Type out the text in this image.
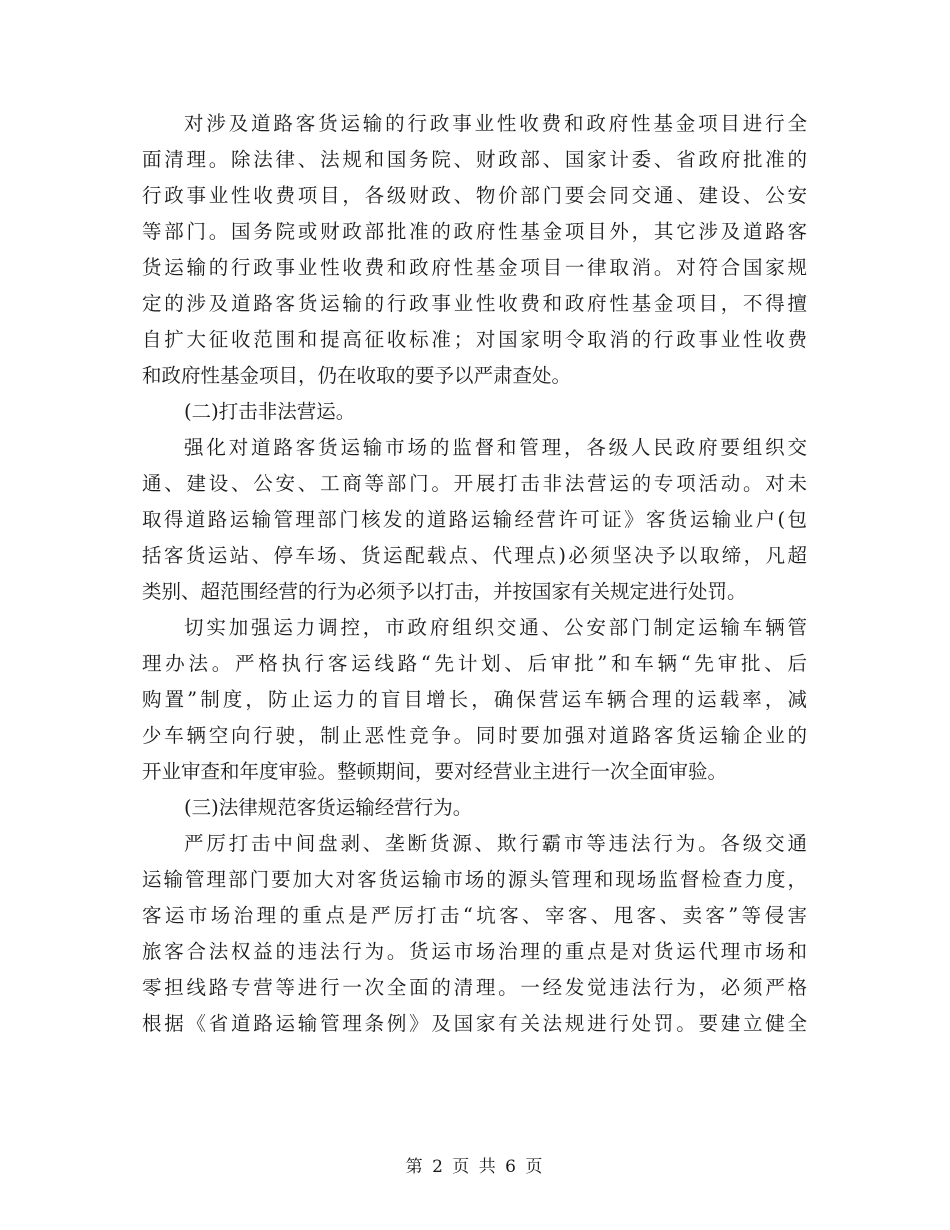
对涉及道路客货运输的行政事业性收费和政府性基金项目进行全
面清理。除法律、法规和国务院、财政部、国家计委、省政府批准的
行政事业性收费项目，各级财政、物价部门要会同交通、建设、公安
等部门。国务院或财政部批准的政府性基金项目外，其它涉及道路客
货运输的行政事业性收费和政府性基金项目一律取消。对符合国家规
定的涉及道路客货运输的行政事业性收费和政府性基金项目，不得擅
自扩大征收范围和提高征收标准；对国家明令取消的行政事业性收费
和政府性基金项目，仍在收取的要予以严肃查处。
(二)打击非法营运。
强化对道路客货运输市场的监督和管理，各级人民政府要组织交
通、建设、公安、工商等部门。开展打击非法营运的专项活动。对未
取得道路运输管理部门核发的道路运输经营许可证》客货运输业户(包
括客货运站、停车场、货运配载点、代理点)必须坚决予以取缔，凡超
类别、超范围经营的行为必须予以打击，并按国家有关规定进行处罚。
切实加强运力调控，市政府组织交通、公安部门制定运输车辆管
理办法。严格执行客运线路“先计划、后审批”和车辆“先审批、后
购置”制度，防止运力的盲目增长，确保营运车辆合理的运载率，减
少车辆空向行驶，制止恶性竞争。同时要加强对道路客货运输企业的
开业审查和年度审验。整顿期间，要对经营业主进行一次全面审验。
(三)法律规范客货运输经营行为。
严厉打击中间盘剥、垄断货源、欺行霸市等违法行为。各级交通
运输管理部门要加大对客货运输市场的源头管理和现场监督检查力度，
客运市场治理的重点是严厉打击“坑客、宰客、甩客、卖客”等侵害
旅客合法权益的违法行为。货运市场治理的重点是对货运代理市场和
零担线路专营等进行一次全面的清理。一经发觉违法行为，必须严格
根据《省道路运输管理条例》及国家有关法规进行处罚。要建立健全
第 2 页 共 6 页
